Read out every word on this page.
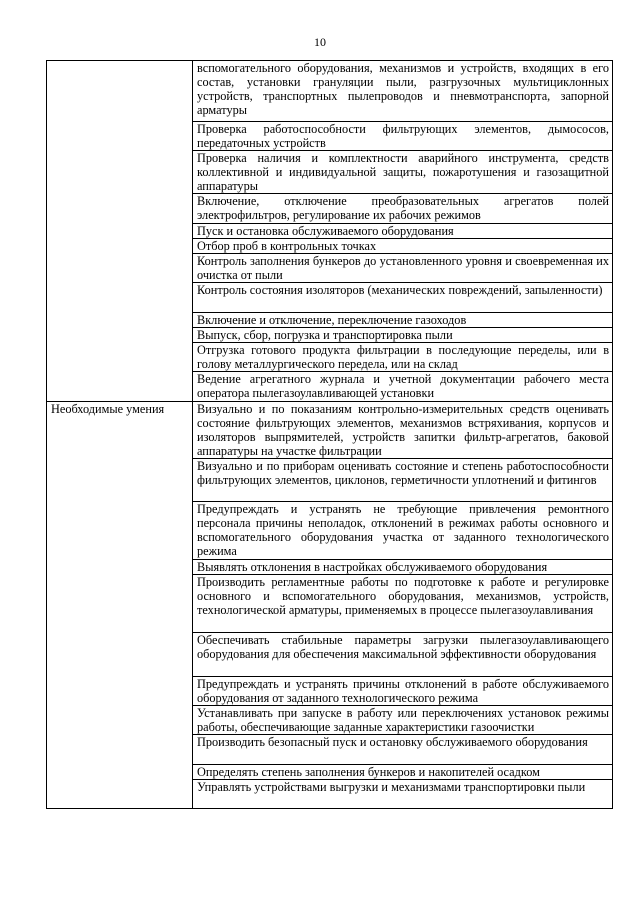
10
	вспомогательного оборудования, механизмов и устройств, входящих в его состав, установки грануляции пыли, разгрузочных мультициклонных устройств, транспортных пылепроводов и пневмотранспорта, запорной арматуры
	Проверка работоспособности фильтрующих элементов, дымососов, передаточных устройств
	Проверка наличия и комплектности аварийного инструмента, средств коллективной и индивидуальной защиты, пожаротушения и газозащитной аппаратуры
	Включение, отключение преобразовательных агрегатов полей электрофильтров, регулирование их рабочих режимов
	Пуск и остановка обслуживаемого оборудования
	Отбор проб в контрольных точках
	Контроль заполнения бункеров до установленного уровня и своевременная их очистка от пыли
	Контроль состояния изоляторов (механических повреждений, запыленности)
	Включение и отключение, переключение газоходов
	Выпуск, сбор, погрузка и транспортировка пыли
	Отгрузка готового продукта фильтрации в последующие переделы, или в голову металлургического передела, или на склад
	Ведение агрегатного журнала и учетной документации рабочего места оператора пылегазоулавливающей установки
Необходимые умения	Визуально и по показаниям контрольно-измерительных средств оценивать состояние фильтрующих элементов, механизмов встряхивания, корпусов и изоляторов выпрямителей, устройств запитки фильтр-агрегатов, баковой аппаратуры на участке фильтрации
	Визуально и по приборам оценивать состояние и степень работоспособности фильтрующих элементов, циклонов, герметичности уплотнений и фитингов
	Предупреждать и устранять не требующие привлечения ремонтного персонала причины неполадок, отклонений в режимах работы основного и вспомогательного оборудования участка от заданного технологического режима
	Выявлять отклонения в настройках обслуживаемого оборудования
	Производить регламентные работы по подготовке к работе и регулировке основного и вспомогательного оборудования, механизмов, устройств, технологической арматуры, применяемых в процессе пылегазоулавливания
	Обеспечивать стабильные параметры загрузки пылегазоулавливающего оборудования для обеспечения максимальной эффективности оборудования
	Предупреждать и устранять причины отклонений в работе обслуживаемого оборудования от заданного технологического режима
	Устанавливать при запуске в работу или переключениях установок режимы работы, обеспечивающие заданные характеристики газоочистки
	Производить безопасный пуск и остановку обслуживаемого оборудования
	Определять степень заполнения бункеров и накопителей осадком
	Управлять устройствами выгрузки и механизмами транспортировки пыли
